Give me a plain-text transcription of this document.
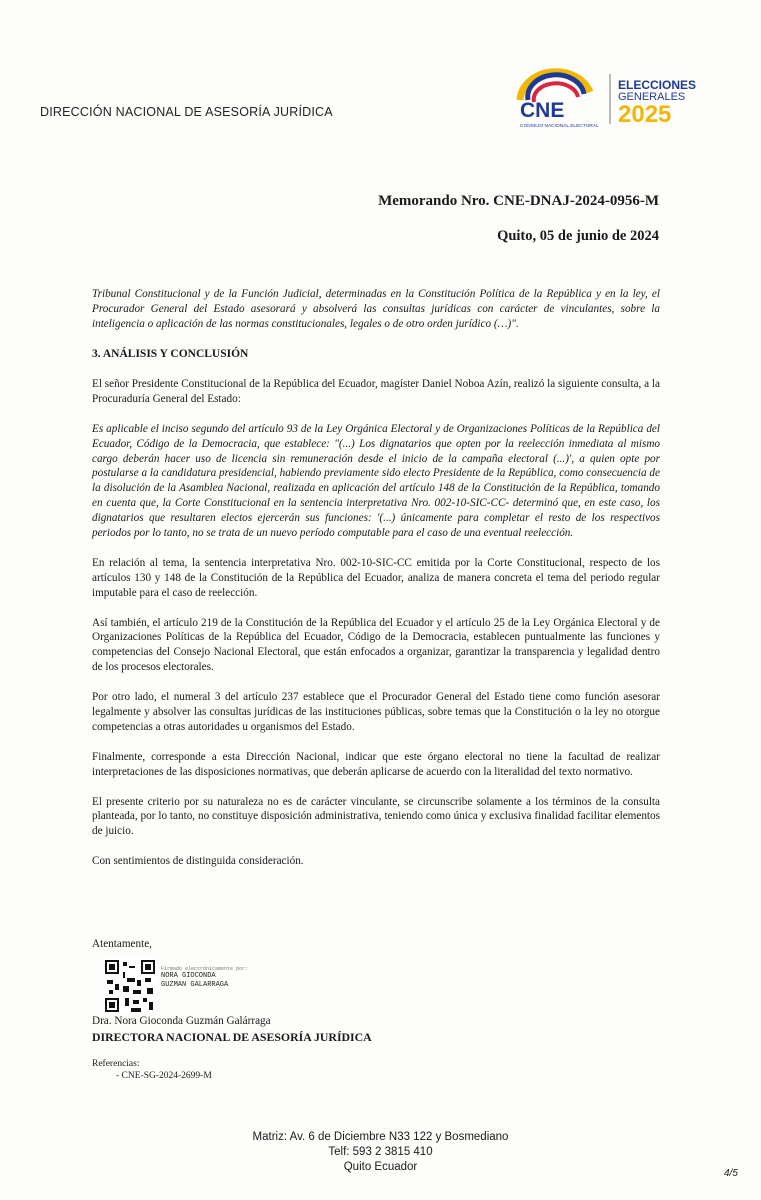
DIRECCIÓN NACIONAL DE ASESORÍA JURÍDICA	CNE
CONSEJO NACIONAL ELECTORAL
ELECCIONES
GENERALES
2025
Memorando Nro. CNE-DNAJ-2024-0956-M
Quito, 05 de junio de 2024

Tribunal Constitucional y de la Función Judicial, determinadas en la Constitución Política de la República y en la ley, el Procurador General del Estado asesorará y absolverá las consultas jurídicas con carácter de vinculantes, sobre la inteligencia o aplicación de las normas constitucionales, legales o de otro orden jurídico (…)".

3. ANÁLISIS Y CONCLUSIÓN

El señor Presidente Constitucional de la República del Ecuador, magíster Daniel Noboa Azín, realizó la siguiente consulta, a la Procuraduría General del Estado:

Es aplicable el inciso segundo del artículo 93 de la Ley Orgánica Electoral y de Organizaciones Políticas de la República del Ecuador, Código de la Democracia, que establece: "(...) Los dignatarios que opten por la reelección inmediata al mismo cargo deberán hacer uso de licencia sin remuneración desde el inicio de la campaña electoral (...)', a quien opte por postularse a la candidatura presidencial, habiendo previamente sido electo Presidente de la República, como consecuencia de la disolución de la Asamblea Nacional, realizada en aplicación del artículo 148 de la Constitución de la República, tomando en cuenta que, la Corte Constitucional en la sentencia interpretativa Nro. 002-10-SIC-CC- determinó que, en este caso, los dignatarios que resultaren electos ejercerán sus funciones: '(...) únicamente para completar el resto de los respectivos periodos por lo tanto, no se trata de un nuevo período computable para el caso de una eventual reelección.

En relación al tema, la sentencia interpretativa Nro. 002-10-SIC-CC emitida por la Corte Constitucional, respecto de los artículos 130 y 148 de la Constitución de la República del Ecuador, analiza de manera concreta el tema del periodo regular imputable para el caso de reelección.

Así también, el artículo 219 de la Constitución de la República del Ecuador y el artículo 25 de la Ley Orgánica Electoral y de Organizaciones Políticas de la República del Ecuador, Código de la Democracia, establecen puntualmente las funciones y competencias del Consejo Nacional Electoral, que están enfocados a organizar, garantizar la transparencia y legalidad dentro de los procesos electorales.

Por otro lado, el numeral 3 del artículo 237 establece que el Procurador General del Estado tiene como función asesorar legalmente y absolver las consultas jurídicas de las instituciones públicas, sobre temas que la Constitución o la ley no otorgue competencias a otras autoridades u organismos del Estado.

Finalmente, corresponde a esta Dirección Nacional, indicar que este órgano electoral no tiene la facultad de realizar interpretaciones de las disposiciones normativas, que deberán aplicarse de acuerdo con la literalidad del texto normativo.

El presente criterio por su naturaleza no es de carácter vinculante, se circunscribe solamente a los términos de la consulta planteada, por lo tanto, no constituye disposición administrativa, teniendo como única y exclusiva finalidad facilitar elementos de juicio.

Con sentimientos de distinguida consideración.

Atentamente,
Firmado electrónicamente por:
NORA GIOCONDA
GUZMAN GALARRAGA
Dra. Nora Gioconda Guzmán Galárraga
DIRECTORA NACIONAL DE ASESORÍA JURÍDICA
Referencias:
- CNE-SG-2024-2699-M
Matriz: Av. 6 de Diciembre N33 122 y Bosmediano
Telf: 593 2 3815 410
Quito Ecuador
4/5
